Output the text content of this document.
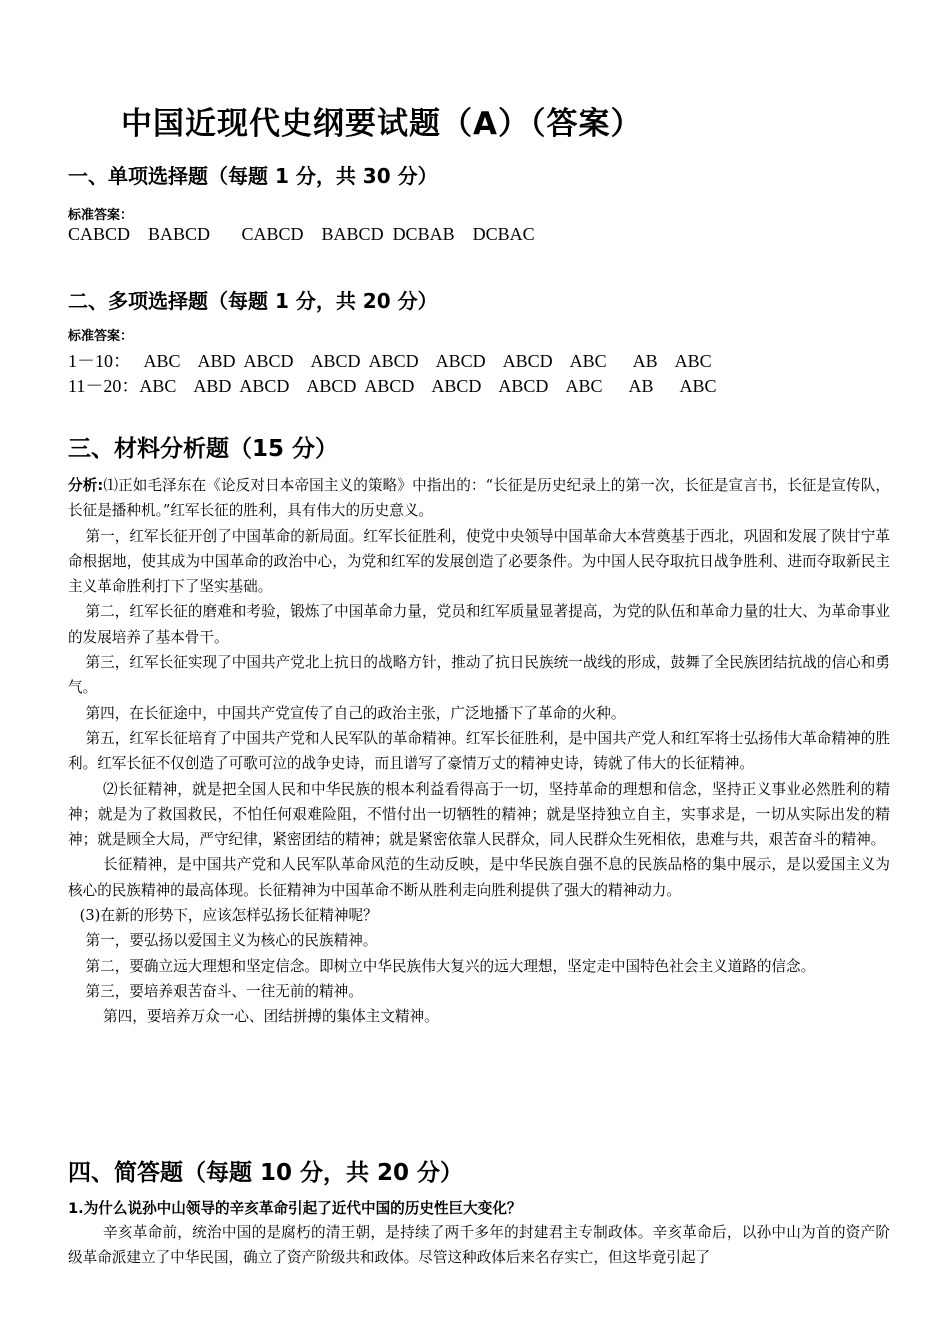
中国近现代史纲要试题（A）（答案）
一、单项选择题（每题 1 分，共 30 分）
标准答案：
CABCD    BABCD       CABCD    BABCD  DCBAB    DCBAC
二、多项选择题（每题 1 分，共 20 分）
标准答案：
1－10：   ABC    ABD  ABCD    ABCD  ABCD    ABCD    ABCD    ABC      AB    ABC
11－20：ABC    ABD  ABCD    ABCD  ABCD    ABCD    ABCD    ABC      AB      ABC
三、材料分析题（15 分）

分析:⑴正如毛泽东在《论反对日本帝国主义的策略》中指出的：“长征是历史纪录上的第一次，长征是宣言书，长征是宣传队，长征是播种机。”红军长征的胜利，具有伟大的历史意义。

第一，红军长征开创了中国革命的新局面。红军长征胜利，使党中央领导中国革命大本营奠基于西北，巩固和发展了陕甘宁革命根据地，使其成为中国革命的政治中心，为党和红军的发展创造了必要条件。为中国人民夺取抗日战争胜利、进而夺取新民主主义革命胜利打下了坚实基础。

第二，红军长征的磨难和考验，锻炼了中国革命力量，党员和红军质量显著提高，为党的队伍和革命力量的壮大、为革命事业的发展培养了基本骨干。

第三，红军长征实现了中国共产党北上抗日的战略方针，推动了抗日民族统一战线的形成，鼓舞了全民族团结抗战的信心和勇气。

第四，在长征途中，中国共产党宣传了自己的政治主张，广泛地播下了革命的火种。

第五，红军长征培育了中国共产党和人民军队的革命精神。红军长征胜利，是中国共产党人和红军将士弘扬伟大革命精神的胜利。红军长征不仅创造了可歌可泣的战争史诗，而且谱写了豪情万丈的精神史诗，铸就了伟大的长征精神。

⑵长征精神，就是把全国人民和中华民族的根本利益看得高于一切，坚持革命的理想和信念，坚持正义事业必然胜利的精神；就是为了救国救民，不怕任何艰难险阻，不惜付出一切牺牲的精神；就是坚持独立自主，实事求是，一切从实际出发的精神；就是顾全大局，严守纪律，紧密团结的精神；就是紧密依靠人民群众，同人民群众生死相依，患难与共，艰苦奋斗的精神。

长征精神，是中国共产党和人民军队革命风范的生动反映，是中华民族自强不息的民族品格的集中展示，是以爱国主义为核心的民族精神的最高体现。长征精神为中国革命不断从胜利走向胜利提供了强大的精神动力。

(3)在新的形势下，应该怎样弘扬长征精神呢？

第一，要弘扬以爱国主义为核心的民族精神。

第二，要确立远大理想和坚定信念。即树立中华民族伟大复兴的远大理想，坚定走中国特色社会主义道路的信念。

第三，要培养艰苦奋斗、一往无前的精神。

第四，要培养万众一心、团结拼搏的集体主文精神。

四、简答题（每题 10 分，共 20 分）
1.为什么说孙中山领导的辛亥革命引起了近代中国的历史性巨大变化？

辛亥革命前，统治中国的是腐朽的清王朝，是持续了两千多年的封建君主专制政体。辛亥革命后，以孙中山为首的资产阶级革命派建立了中华民国，确立了资产阶级共和政体。尽管这种政体后来名存实亡，但这毕竟引起了
